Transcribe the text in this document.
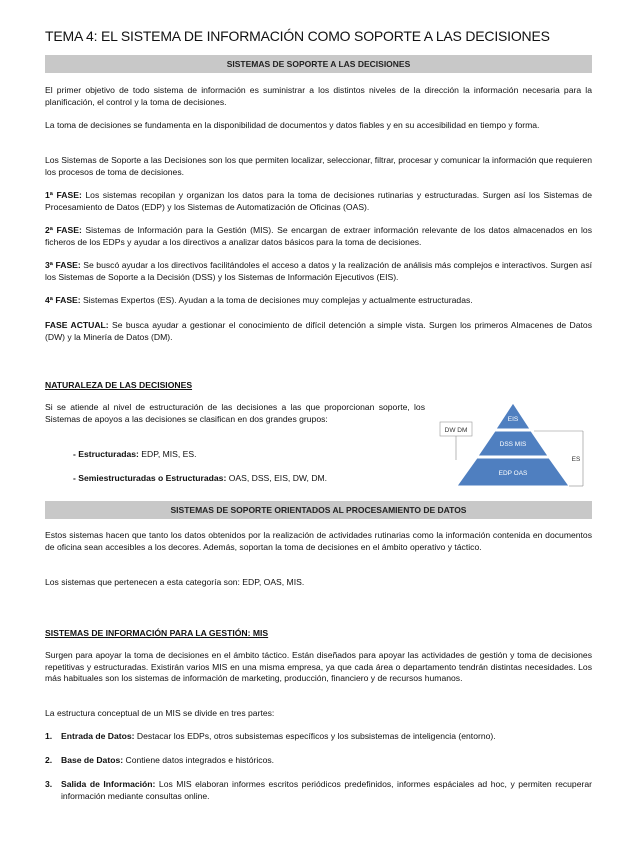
TEMA 4: EL SISTEMA DE INFORMACIÓN COMO SOPORTE A LAS DECISIONES
SISTEMAS DE SOPORTE A LAS DECISIONES

El primer objetivo de todo sistema de información es suministrar a los distintos niveles de la dirección la información necesaria para la planificación, el control y la toma de decisiones.

La toma de decisiones se fundamenta en la disponibilidad de documentos y datos fiables y en su accesibilidad en tiempo y forma.

Los Sistemas de Soporte a las Decisiones son los que permiten localizar, seleccionar, filtrar, procesar y comunicar la información que requieren los procesos de toma de decisiones.

1ª FASE: Los sistemas recopilan y organizan los datos para la toma de decisiones rutinarias y estructuradas. Surgen así los Sistemas de Procesamiento de Datos (EDP) y los Sistemas de Automatización de Oficinas (OAS).

2ª FASE: Sistemas de Información para la Gestión (MIS). Se encargan de extraer información relevante de los datos almacenados en los ficheros de los EDPs y ayudar a los directivos a analizar datos básicos para la toma de decisiones.

3ª FASE: Se buscó ayudar a los directivos facilitándoles el acceso a datos y la realización de análisis más complejos e interactivos. Surgen así los Sistemas de Soporte a la Decisión (DSS) y los Sistemas de Información Ejecutivos (EIS).

4ª FASE: Sistemas Expertos (ES). Ayudan a la toma de decisiones muy complejas y actualmente estructuradas.

FASE ACTUAL: Se busca ayudar a gestionar el conocimiento de difícil detención a simple vista. Surgen los primeros Almacenes de Datos (DW) y la Minería de Datos (DM).

NATURALEZA DE LAS DECISIONES

Si se atiende al nivel de estructuración de las decisiones a las que proporcionan soporte, los Sistemas de apoyos a las decisiones se clasifican en dos grandes grupos:

- Estructuradas: EDP, MIS, ES.
- Semiestructuradas o Estructuradas: OAS, DSS, EIS, DW, DM.
EIS
DSS MIS
EDP OAS
DW DM
ES
SISTEMAS DE SOPORTE ORIENTADOS AL PROCESAMIENTO DE DATOS

Estos sistemas hacen que tanto los datos obtenidos por la realización de actividades rutinarias como la información contenida en documentos de oficina sean accesibles a los decores. Además, soportan la toma de decisiones en el ámbito operativo y táctico.

Los sistemas que pertenecen a esta categoría son: EDP, OAS, MIS.

SISTEMAS DE INFORMACIÓN PARA LA GESTIÓN: MIS

Surgen para apoyar la toma de decisiones en el ámbito táctico. Están diseñados para apoyar las actividades de gestión y toma de decisiones repetitivas y estructuradas. Existirán varios MIS en una misma empresa, ya que cada área o departamento tendrán distintas necesidades. Los más habituales son los sistemas de información de marketing, producción, financiero y de recursos humanos.

La estructura conceptual de un MIS se divide en tres partes:

1. Entrada de Datos: Destacar los EDPs, otros subsistemas específicos y los subsistemas de inteligencia (entorno).
2. Base de Datos: Contiene datos integrados e históricos.
3. Salida de Información: Los MIS elaboran informes escritos periódicos predefinidos, informes espáciales ad hoc, y permiten recuperar información mediante consultas online.
